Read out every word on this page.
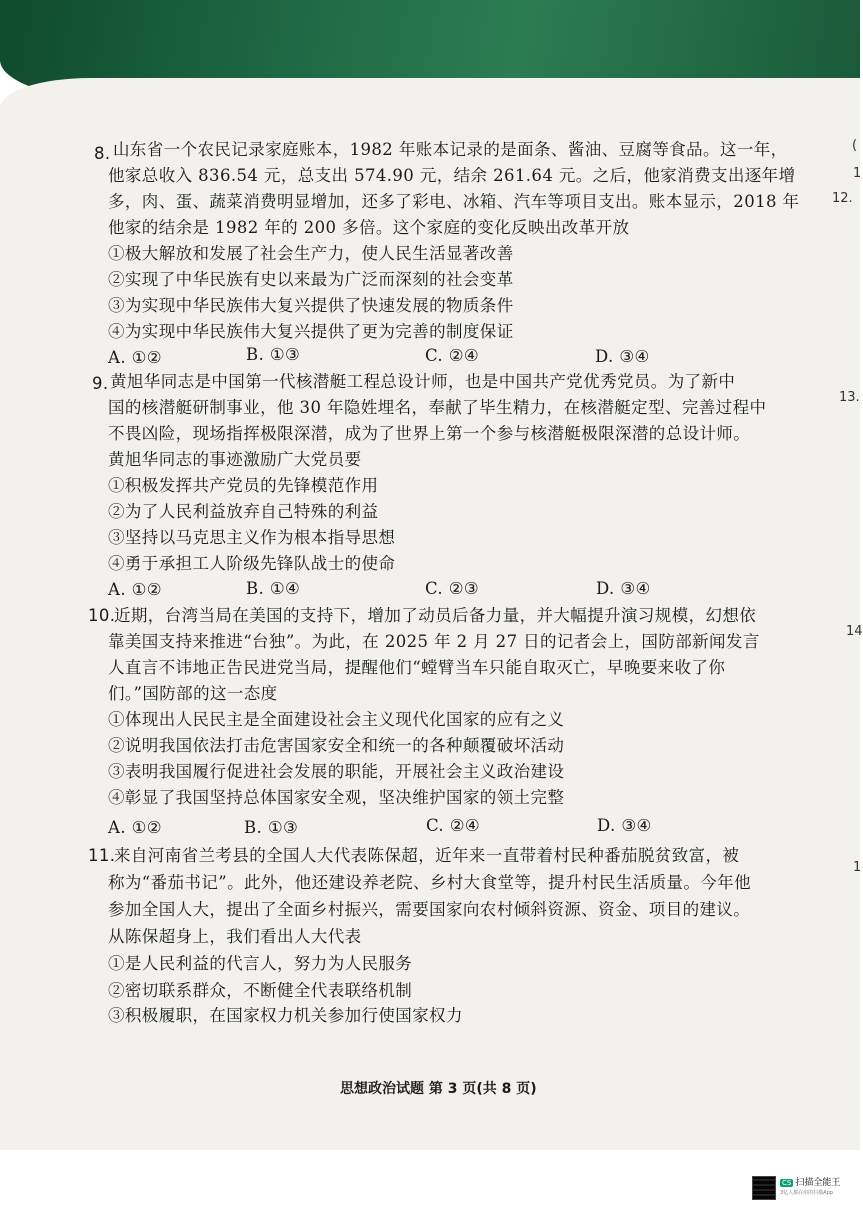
8. 山东省一个农民记录家庭账本，1982 年账本记录的是面条、酱油、豆腐等食品。这一年，
他家总收入 836.54 元，总支出 574.90 元，结余 261.64 元。之后，他家消费支出逐年增
多，肉、蛋、蔬菜消费明显增加，还多了彩电、冰箱、汽车等项目支出。账本显示，2018 年
他家的结余是 1982 年的 200 多倍。这个家庭的变化反映出改革开放
①极大解放和发展了社会生产力，使人民生活显著改善
②实现了中华民族有史以来最为广泛而深刻的社会变革
③为实现中华民族伟大复兴提供了快速发展的物质条件
④为实现中华民族伟大复兴提供了更为完善的制度保证
A. ①②	B. ①③	C. ②④	D. ③④
9. 黄旭华同志是中国第一代核潜艇工程总设计师，也是中国共产党优秀党员。为了新中
国的核潜艇研制事业，他 30 年隐姓埋名，奉献了毕生精力，在核潜艇定型、完善过程中
不畏凶险，现场指挥极限深潜，成为了世界上第一个参与核潜艇极限深潜的总设计师。
黄旭华同志的事迹激励广大党员要
①积极发挥共产党员的先锋模范作用
②为了人民利益放弃自己特殊的利益
③坚持以马克思主义作为根本指导思想
④勇于承担工人阶级先锋队战士的使命
A. ①②	B. ①④	C. ②③	D. ③④
10.
近期，台湾当局在美国的支持下，增加了动员后备力量，并大幅提升演习规模，幻想依
靠美国支持来推进“台独”。为此，在 2025 年 2 月 27 日的记者会上，国防部新闻发言
人直言不讳地正告民进党当局，提醒他们“螳臂当车只能自取灭亡，早晚要来收了你
们。”国防部的这一态度
①体现出人民民主是全面建设社会主义现代化国家的应有之义
②说明我国依法打击危害国家安全和统一的各种颠覆破坏活动
③表明我国履行促进社会发展的职能，开展社会主义政治建设
④彰显了我国坚持总体国家安全观，坚决维护国家的领土完整
A. ①②	B. ①③	C. ②④	D. ③④
11.
来自河南省兰考县的全国人大代表陈保超，近年来一直带着村民种番茄脱贫致富，被
称为“番茄书记”。此外，他还建设养老院、乡村大食堂等，提升村民生活质量。今年他
参加全国人大，提出了全面乡村振兴，需要国家向农村倾斜资源、资金、项目的建议。
从陈保超身上，我们看出人大代表
①是人民利益的代言人，努力为人民服务
②密切联系群众，不断健全代表联络机制
③积极履职，在国家权力机关参加行使国家权力
思想政治试题 第 3 页(共 8 页)
(
1
12.
13.
14
1
CS 扫描全能王
3亿人都在用的扫描App
